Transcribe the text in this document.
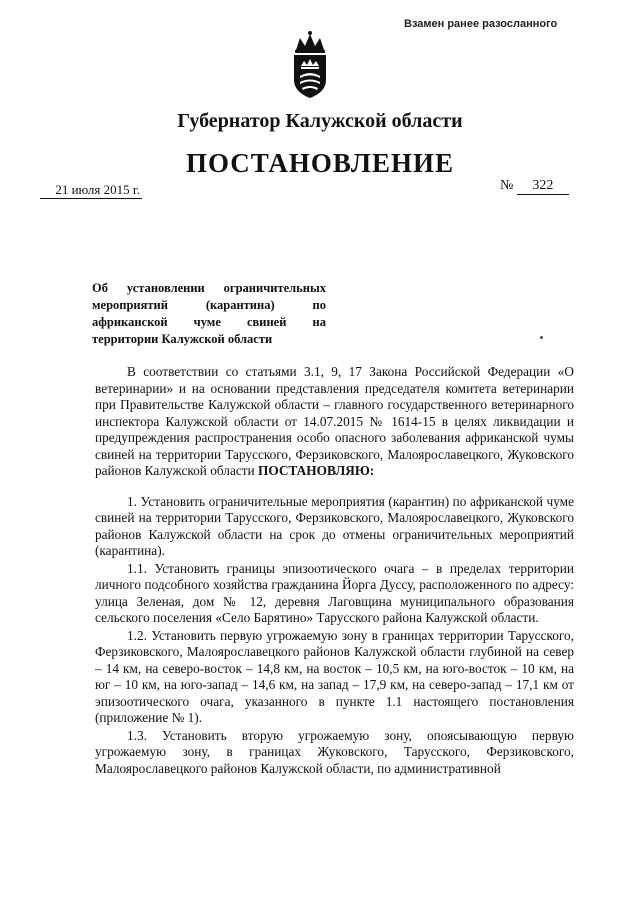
Взамен ранее разосланного
Губернатор Калужской области
ПОСТАНОВЛЕНИЕ
21 июля 2015 г.	№ 322
Об установлении ограничительных мероприятий (карантина) по африканской чуме свиней на территории Калужской области

В соответствии со статьями 3.1, 9, 17 Закона Российской Федерации «О ветеринарии» и на основании представления председателя комитета ветеринарии при Правительстве Калужской области – главного государственного ветеринарного инспектора Калужской области от 14.07.2015 № 1614-15 в целях ликвидации и предупреждения распространения особо опасного заболевания африканской чумы свиней на территории Тарусского, Ферзиковского, Малоярославецкого, Жуковского районов Калужской области ПОСТАНОВЛЯЮ:

1. Установить ограничительные мероприятия (карантин) по африканской чуме свиней на территории Тарусского, Ферзиковского, Малоярославецкого, Жуковского районов Калужской области на срок до отмены ограничительных мероприятий (карантина).

1.1. Установить границы эпизоотического очага – в пределах территории личного подсобного хозяйства гражданина Йорга Дуссу, расположенного по адресу: улица Зеленая, дом № 12, деревня Лаговщина муниципального образования сельского поселения «Село Барятино» Тарусского района Калужской области.

1.2. Установить первую угрожаемую зону в границах территории Тарусского, Ферзиковского, Малоярославецкого районов Калужской области глубиной на север – 14 км, на северо-восток – 14,8 км, на восток – 10,5 км, на юго-восток – 10 км, на юг – 10 км, на юго-запад – 14,6 км, на запад – 17,9 км, на северо-запад – 17,1 км от эпизоотического очага, указанного в пункте 1.1 настоящего постановления (приложение № 1).

1.3. Установить вторую угрожаемую зону, опоясывающую первую угрожаемую зону, в границах Жуковского, Тарусского, Ферзиковского, Малоярославецкого районов Калужской области, по административной
